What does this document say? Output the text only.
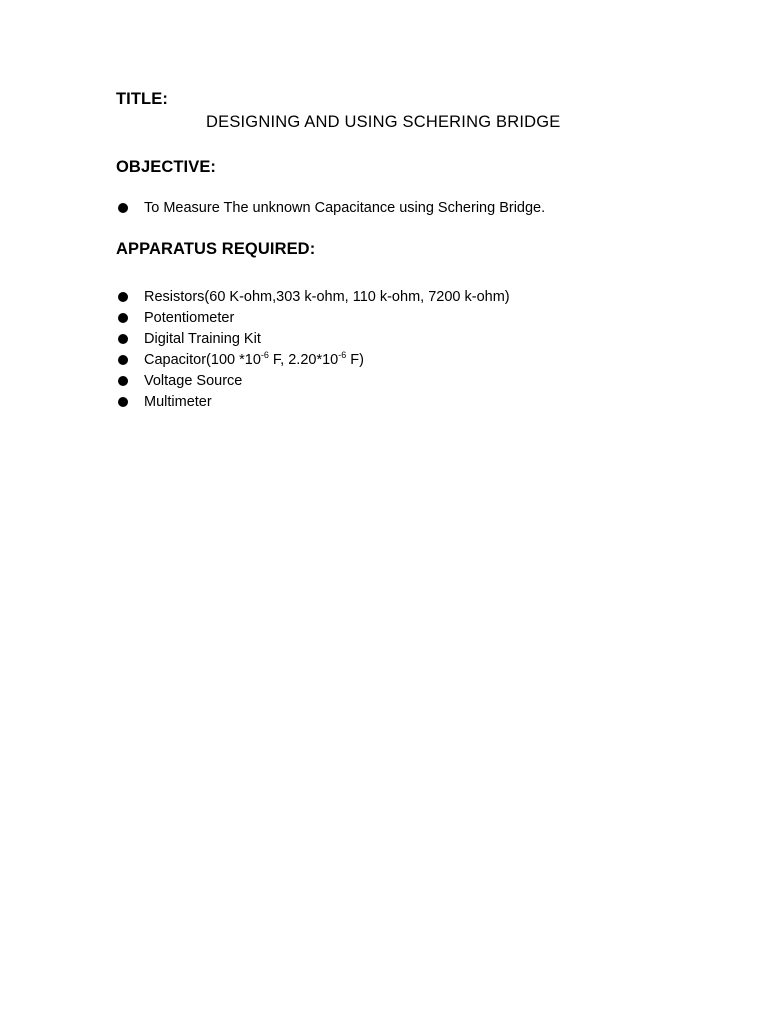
TITLE:
DESIGNING AND USING SCHERING BRIDGE
OBJECTIVE:
To Measure The unknown Capacitance using Schering Bridge.
APPARATUS REQUIRED:
Resistors(60 K-ohm,303 k-ohm, 110 k-ohm, 7200 k-ohm)
Potentiometer
Digital Training Kit
Capacitor(100 $*10^{-6}$ F, $2.20*10^{-6}$ F)
Voltage Source
Multimeter
